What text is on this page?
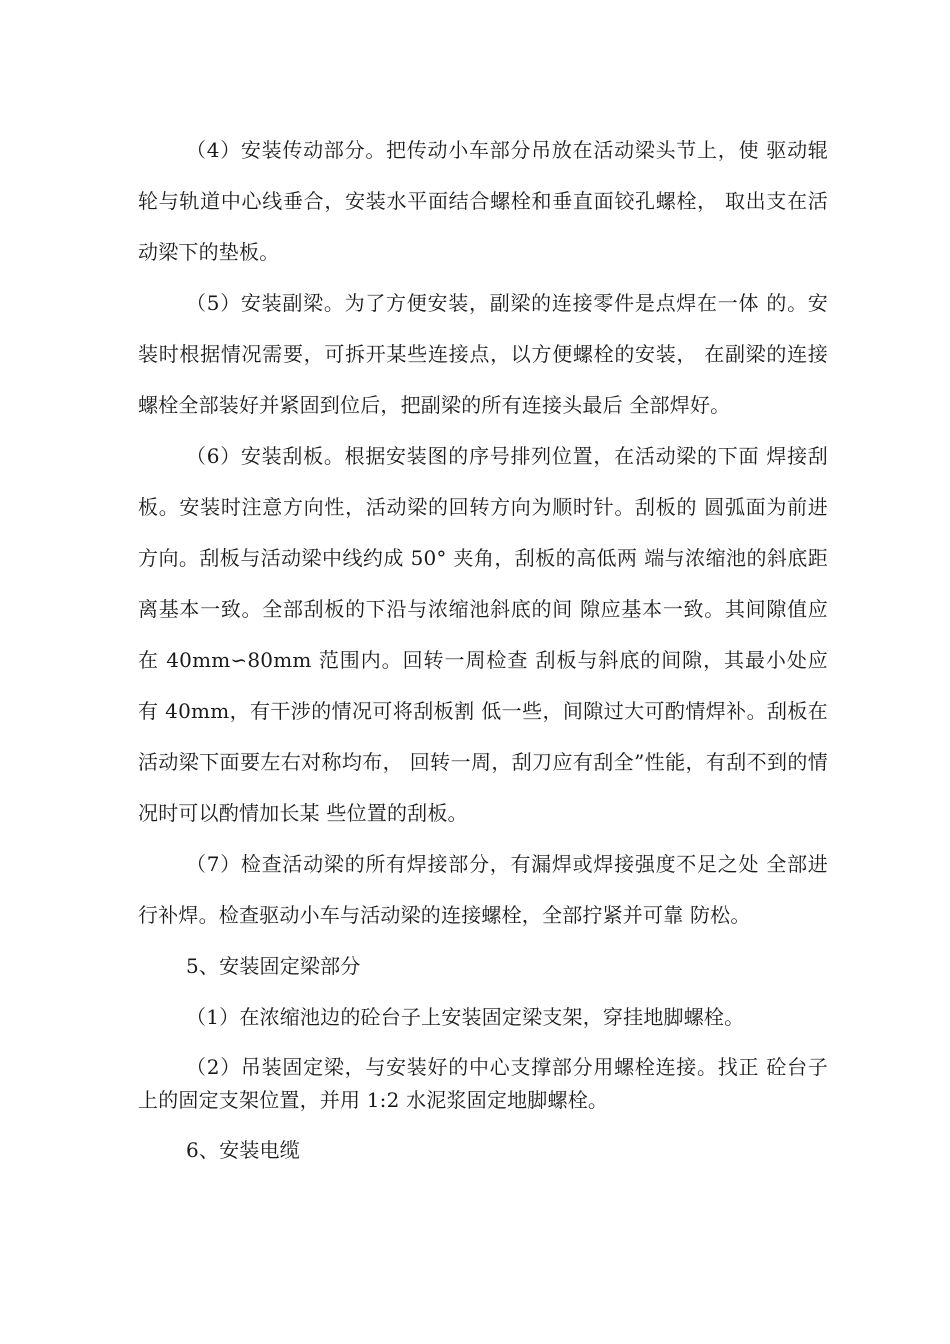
（4）安装传动部分。把传动小车部分吊放在活动梁头节上，使 驱动辊轮与轨道中心线垂合，安装水平面结合螺栓和垂直面铰孔螺栓， 取出支在活动梁下的垫板。

（5）安装副梁。为了方便安装，副梁的连接零件是点焊在一体 的。安装时根据情况需要，可拆开某些连接点，以方便螺栓的安装， 在副梁的连接螺栓全部装好并紧固到位后，把副梁的所有连接头最后 全部焊好。

（6）安装刮板。根据安装图的序号排列位置，在活动梁的下面 焊接刮板。安装时注意方向性，活动梁的回转方向为顺时针。刮板的 圆弧面为前进方向。刮板与活动梁中线约成 50° 夹角，刮板的高低两 端与浓缩池的斜底距离基本一致。全部刮板的下沿与浓缩池斜底的间 隙应基本一致。其间隙值应在 40mm∽80mm 范围内。回转一周检查 刮板与斜底的间隙，其最小处应有 40mm，有干涉的情况可将刮板割 低一些，间隙过大可酌情焊补。刮板在活动梁下面要左右对称均布， 回转一周，刮刀应有刮全”性能，有刮不到的情况时可以酌情加长某 些位置的刮板。

（7）检查活动梁的所有焊接部分，有漏焊或焊接强度不足之处 全部进行补焊。检查驱动小车与活动梁的连接螺栓，全部拧紧并可靠 防松。

5、安装固定梁部分

（1）在浓缩池边的砼台子上安装固定梁支架，穿挂地脚螺栓。

（2）吊装固定梁，与安装好的中心支撑部分用螺栓连接。找正 砼台子上的固定支架位置，并用 1:2 水泥浆固定地脚螺栓。

6、安装电缆
